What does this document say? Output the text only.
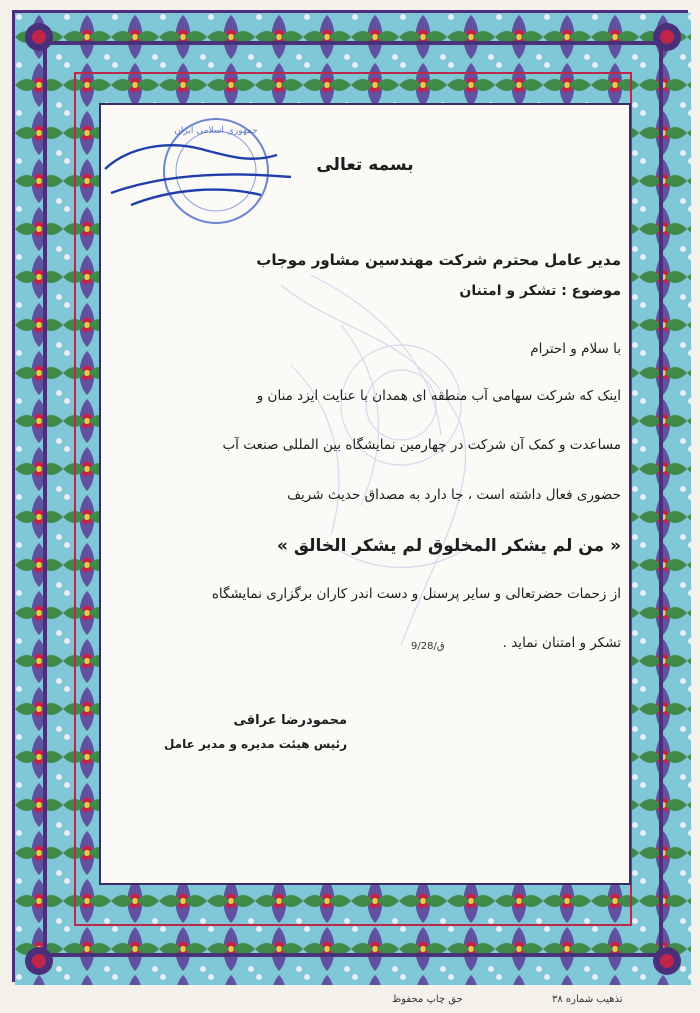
بسمه تعالی
مدیر عامل محترم شرکت مهندسین مشاور موجاب
موضوع : تشکر و امتنان
با سلام و احترام
اینک که شرکت سهامی آب منطقه ای همدان با عنایت ایزد منان و
مساعدت و کمک آن شرکت در چهارمین نمایشگاه بین المللی صنعت آب
حضوری فعال داشته است ، جا دارد به مصداق حدیث شریف
« من لم یشکر المخلوق لم یشکر الخالق »
از زحمات حضرتعالی و سایر پرسنل و دست اندر کاران برگزاری نمایشگاه
تشکر و امتنان نماید .
9/28/ق
جمهوری اسلامی ایران
محمودرضا عراقی
رئیس هیئت مدیره و مدیر عامل
تذهیب شماره ۳۸
حق چاپ محفوظ
